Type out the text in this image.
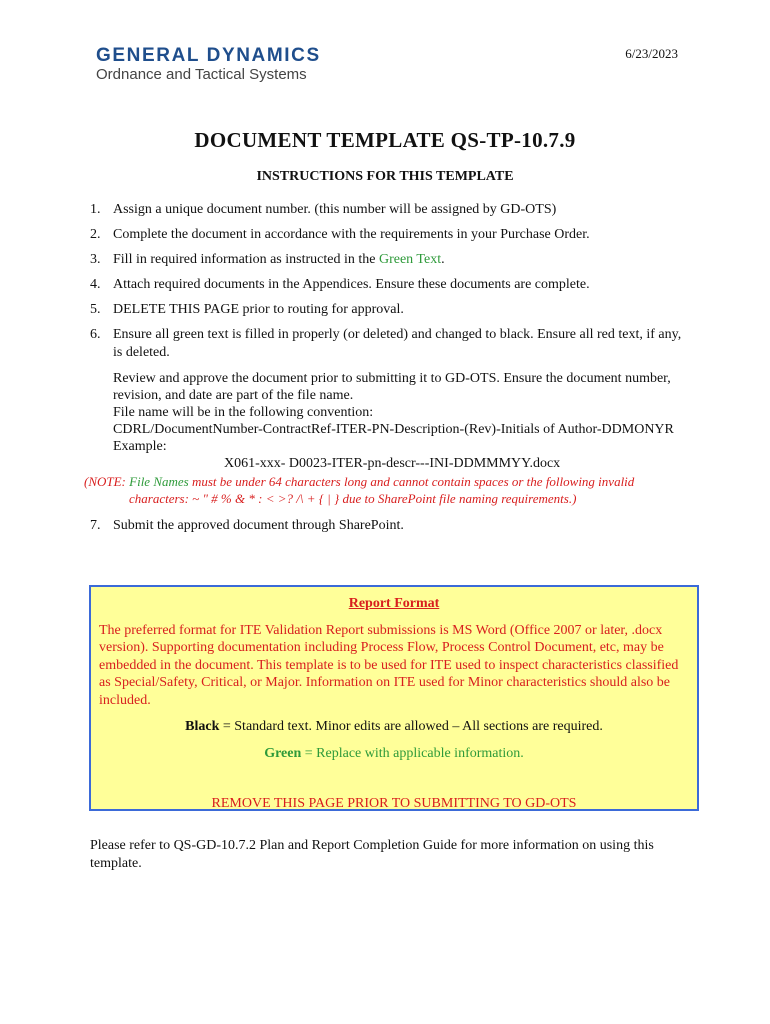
GENERAL DYNAMICS
Ordnance and Tactical Systems
6/23/2023
DOCUMENT TEMPLATE QS-TP-10.7.9
INSTRUCTIONS FOR THIS TEMPLATE
1. Assign a unique document number. (this number will be assigned by GD-OTS)
2. Complete the document in accordance with the requirements in your Purchase Order.
3. Fill in required information as instructed in the Green Text.
4. Attach required documents in the Appendices. Ensure these documents are complete.
5. DELETE THIS PAGE prior to routing for approval.
6. Ensure all green text is filled in properly (or deleted) and changed to black. Ensure all red text, if any, is deleted.
Review and approve the document prior to submitting it to GD-OTS. Ensure the document number, revision, and date are part of the file name.
File name will be in the following convention:
CDRL/DocumentNumber-ContractRef-ITER-PN-Description-(Rev)-Initials of Author-DDMONYR
Example:
X061-xxx- D0023-ITER-pn-descr---INI-DDMMMYY.docx
(NOTE: File Names must be under 64 characters long and cannot contain spaces or the following invalid
characters: ~ " # % & * : < >? /\ + { | } due to SharePoint file naming requirements.)
7. Submit the approved document through SharePoint.
Report Format
The preferred format for ITE Validation Report submissions is MS Word (Office 2007 or later, .docx version). Supporting documentation including Process Flow, Process Control Document, etc, may be embedded in the document. This template is to be used for ITE used to inspect characteristics classified as Special/Safety, Critical, or Major. Information on ITE used for Minor characteristics should also be included.
Black = Standard text. Minor edits are allowed – All sections are required.
Green = Replace with applicable information.
REMOVE THIS PAGE PRIOR TO SUBMITTING TO GD-OTS
Please refer to QS-GD-10.7.2 Plan and Report Completion Guide for more information on using this template.
